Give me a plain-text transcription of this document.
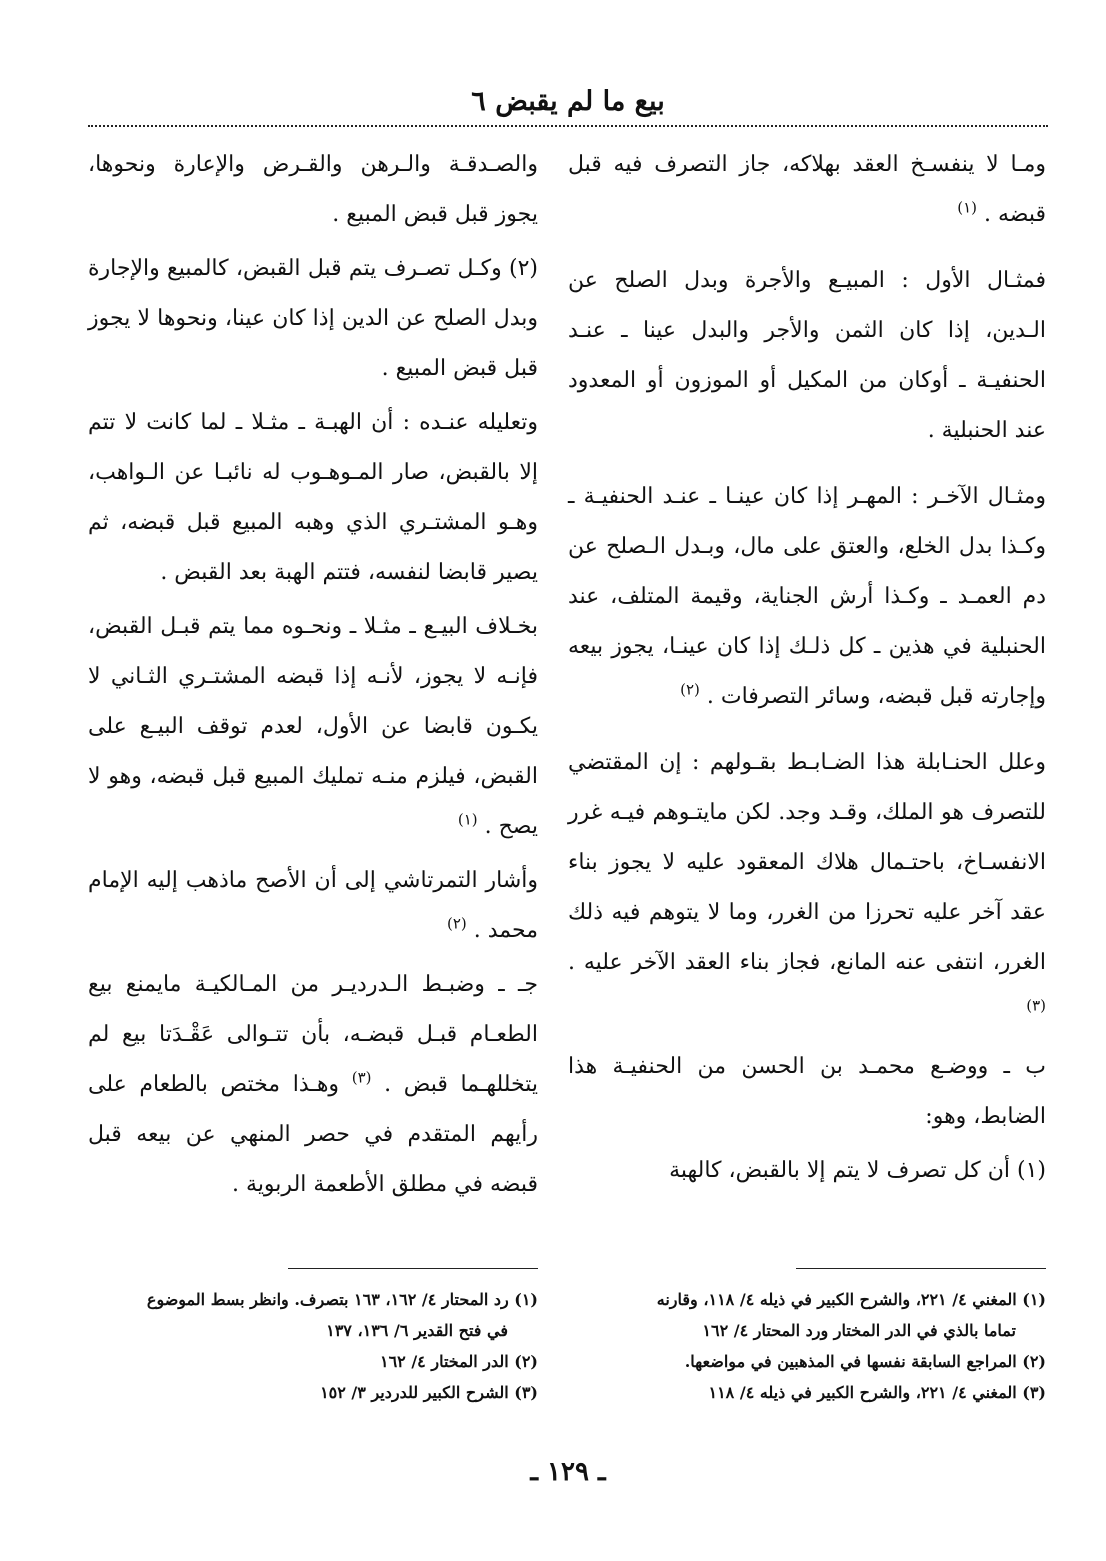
بيع ما لم يقبض ٦

ومـا لا ينفسـخ العقد بهلاكه، جاز التصرف فيه قبل قبضه . $^{(١)}$

فمثـال الأول : المبيـع والأجرة وبدل الصلح عن الـدين، إذا كان الثمن والأجر والبدل عينا ـ عنـد الحنفيـة ـ أوكان من المكيل أو الموزون أو المعدود عند الحنبلية .

ومثـال الآخـر : المهـر إذا كان عينـا ـ عنـد الحنفيـة ـ وكـذا بدل الخلع، والعتق على مال، وبـدل الـصلح عن دم العمـد ـ وكـذا أرش الجناية، وقيمة المتلف، عند الحنبلية في هذين ـ كل ذلـك إذا كان عينـا، يجوز بيعه وإجارته قبل قبضه، وسائر التصرفات . $^{(٢)}$

وعلل الحنـابلة هذا الضـابـط بقـولهم : إن المقتضي للتصرف هو الملك، وقـد وجد. لكن مايتـوهم فيـه غرر الانفسـاخ، باحتـمال هلاك المعقود عليه لا يجوز بناء عقد آخر عليه تحرزا من الغرر، وما لا يتوهم فيه ذلك الغرر، انتفى عنه المانع، فجاز بناء العقد الآخر عليه . $^{(٣)}$

ب ـ ووضـع محمـد بن الحسن من الحنفيـة هذا الضابط، وهو:

(١) أن كل تصرف لا يتم إلا بالقبض، كالهبة

والصـدقـة والـرهن والقـرض والإعارة ونحوها، يجوز قبل قبض المبيع .

(٢) وكـل تصـرف يتم قبل القبض، كالمبيع والإجارة وبدل الصلح عن الدين إذا كان عينا، ونحوها لا يجوز قبل قبض المبيع .

وتعليله عنـده : أن الهبـة ـ مثـلا ـ لما كانت لا تتم إلا بالقبض، صار المـوهـوب له نائبـا عن الـواهب، وهـو المشتـري الذي وهبه المبيع قبل قبضه، ثم يصير قابضا لنفسه، فتتم الهبة بعد القبض .

بخـلاف البيـع ـ مثـلا ـ ونحـوه مما يتم قبـل القبض، فإنـه لا يجوز، لأنـه إذا قبضه المشتـري الثـاني لا يكـون قابضا عن الأول، لعدم توقف البيـع على القبض، فيلزم منـه تمليك المبيع قبل قبضه، وهو لا يصح . $^{(١)}$

وأشار التمرتاشي إلى أن الأصح ماذهب إليه الإمام محمد . $^{(٢)}$

جـ ـ وضبـط الـدرديـر من المـالكيـة مايمنع بيع الطعـام قبـل قبضـه، بأن تتـوالى عَقْـدَتا بيع لم يتخللهـما قبض . $^{(٣)}$ وهـذا مختص بالطعام على رأيهم المتقدم في حصر المنهي عن بيعه قبل قبضه في مطلق الأطعمة الربوية .

(١) المغني ٤/ ٢٢١، والشرح الكبير في ذيله ٤/ ١١٨، وقارنه

تماما بالذي في الدر المختار ورد المحتار ٤/ ١٦٢

(٢) المراجع السابقة نفسها في المذهبين في مواضعها.

(٣) المغني ٤/ ٢٢١، والشرح الكبير في ذيله ٤/ ١١٨

(١) رد المحتار ٤/ ١٦٢، ١٦٣ بتصرف. وانظر بسط الموضوع

في فتح القدير ٦/ ١٣٦، ١٣٧

(٢) الدر المختار ٤/ ١٦٢

(٣) الشرح الكبير للدردير ٣/ ١٥٢

ـ ١٢٩ ـ
